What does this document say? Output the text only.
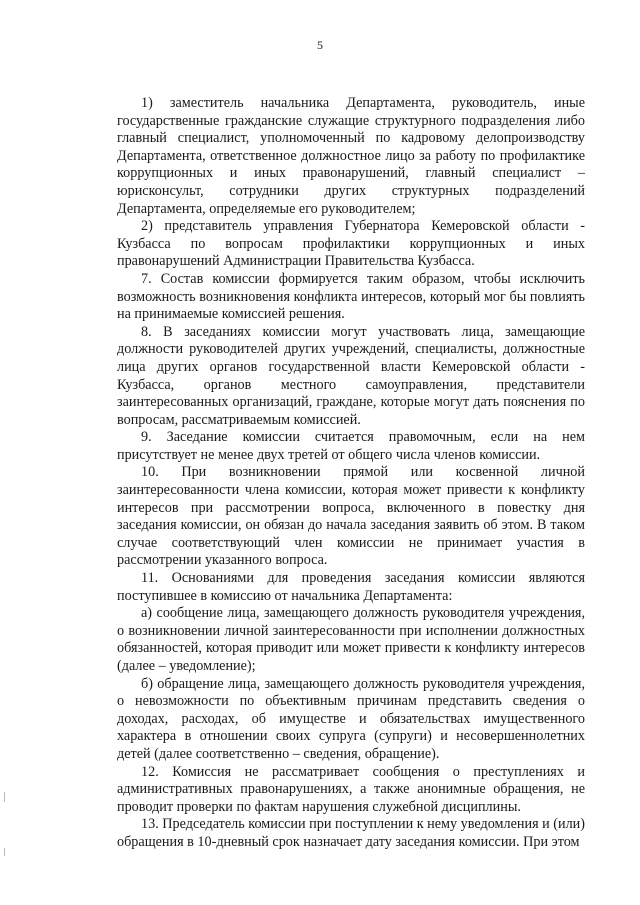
5

1) заместитель начальника Департамента, руководитель, иные государственные гражданские служащие структурного подразделения либо главный специалист, уполномоченный по кадровому делопроизводству Департамента, ответственное должностное лицо за работу по профилактике коррупционных и иных правонарушений, главный специалист – юрисконсульт, сотрудники других структурных подразделений Департамента, определяемые его руководителем;

2) представитель управления Губернатора Кемеровской области - Кузбасса по вопросам профилактики коррупционных и иных правонарушений Администрации Правительства Кузбасса.

7. Состав комиссии формируется таким образом, чтобы исключить возможность возникновения конфликта интересов, который мог бы повлиять на принимаемые комиссией решения.

8. В заседаниях комиссии могут участвовать лица, замещающие должности руководителей других учреждений, специалисты, должностные лица других органов государственной власти Кемеровской области - Кузбасса, органов местного самоуправления, представители заинтересованных организаций, граждане, которые могут дать пояснения по вопросам, рассматриваемым комиссией.

9. Заседание комиссии считается правомочным, если на нем присутствует не менее двух третей от общего числа членов комиссии.

10. При возникновении прямой или косвенной личной заинтересованности члена комиссии, которая может привести к конфликту интересов при рассмотрении вопроса, включенного в повестку дня заседания комиссии, он обязан до начала заседания заявить об этом. В таком случае соответствующий член комиссии не принимает участия в рассмотрении указанного вопроса.

11. Основаниями для проведения заседания комиссии являются поступившее в комиссию от начальника Департамента:

а) сообщение лица, замещающего должность руководителя учреждения, о возникновении личной заинтересованности при исполнении должностных обязанностей, которая приводит или может привести к конфликту интересов (далее – уведомление);

б) обращение лица, замещающего должность руководителя учреждения, о невозможности по объективным причинам представить сведения о доходах, расходах, об имуществе и обязательствах имущественного характера в отношении своих супруга (супруги) и несовершеннолетних детей (далее соответственно – сведения, обращение).

12. Комиссия не рассматривает сообщения о преступлениях и административных правонарушениях, а также анонимные обращения, не проводит проверки по фактам нарушения служебной дисциплины.

13. Председатель комиссии при поступлении к нему уведомления и (или) обращения в 10-дневный срок назначает дату заседания комиссии. При этом
